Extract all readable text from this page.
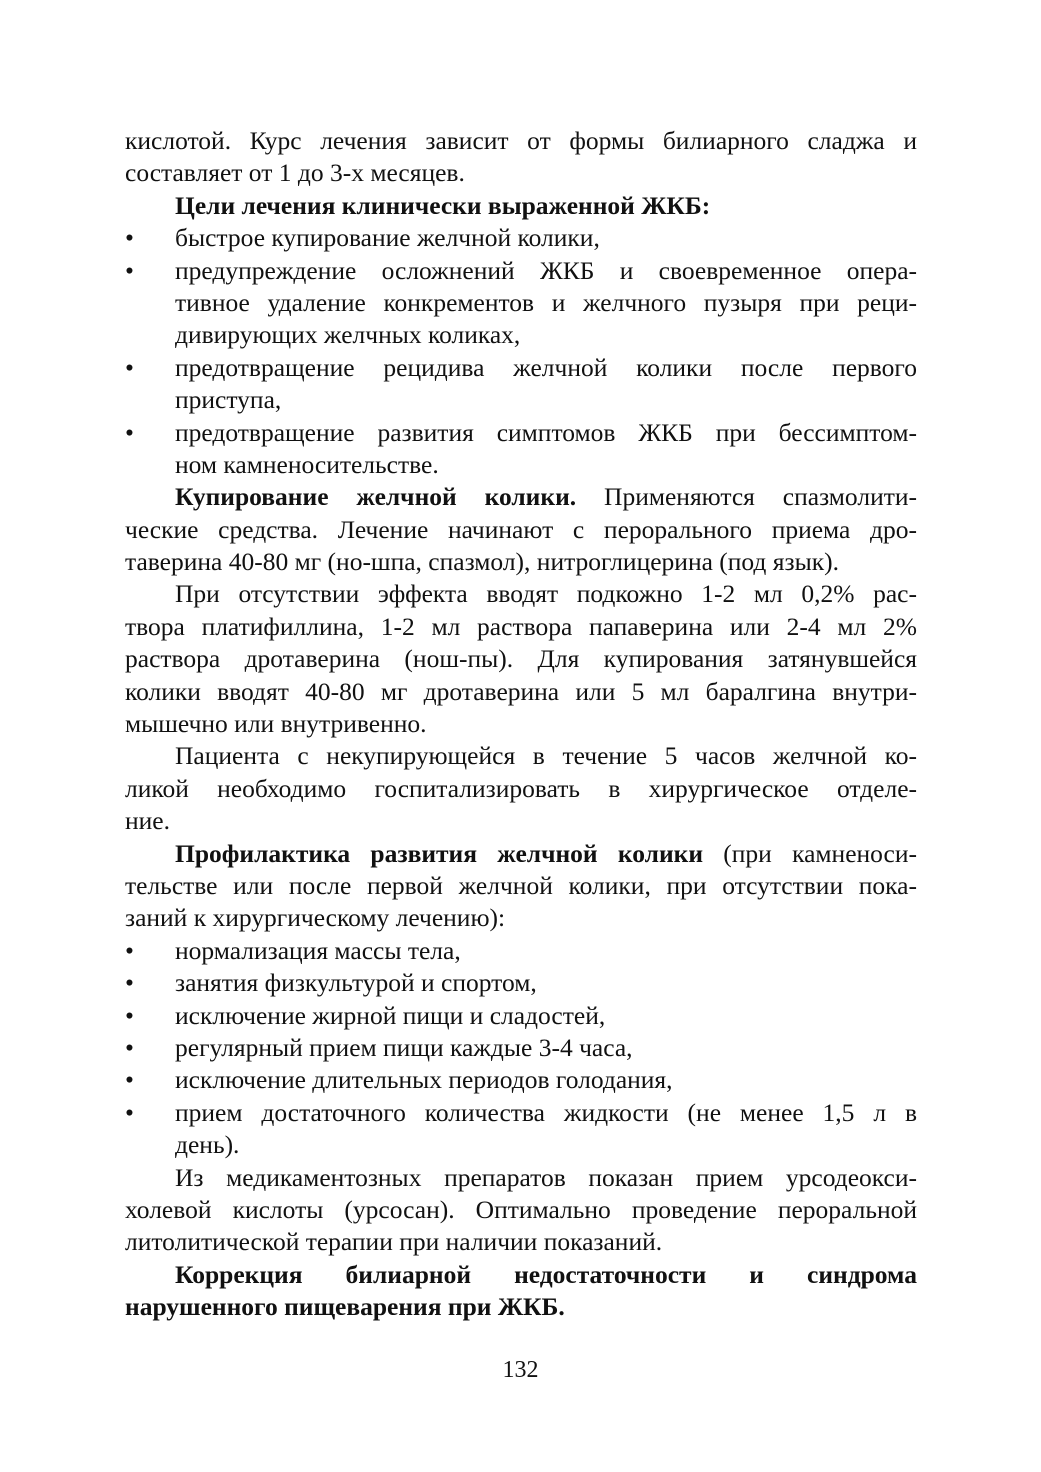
кислотой. Курс лечения зависит от формы билиарного сладжа и
составляет от 1 до 3-х месяцев.
Цели лечения клинически выраженной ЖКБ:
• быстрое купирование желчной колики,
• предупреждение осложнений ЖКБ и своевременное опера-
тивное удаление конкрементов и желчного пузыря при реци-
дивирующих желчных коликах,
• предотвращение рецидива желчной колики после первого
приступа,
• предотвращение развития симптомов ЖКБ при бессимптом-
ном камненосительстве.
Купирование желчной колики. Применяются спазмолити-
ческие средства. Лечение начинают с перорального приема дро-
таверина 40-80 мг (но-шпа, спазмол), нитроглицерина (под язык).
При отсутствии эффекта вводят подкожно 1-2 мл 0,2% рас-
твора платифиллина, 1-2 мл раствора папаверина или 2-4 мл 2%
раствора дротаверина (нош-пы). Для купирования затянувшейся
колики вводят 40-80 мг дротаверина или 5 мл баралгина внутри-
мышечно или внутривенно.
Пациента с некупирующейся в течение 5 часов желчной ко-
ликой необходимо госпитализировать в хирургическое отделе-
ние.
Профилактика развития желчной колики (при камненоси-
тельстве или после первой желчной колики, при отсутствии пока-
заний к хирургическому лечению):
• нормализация массы тела,
• занятия физкультурой и спортом,
• исключение жирной пищи и сладостей,
• регулярный прием пищи каждые 3-4 часа,
• исключение длительных периодов голодания,
• прием достаточного количества жидкости (не менее 1,5 л в
день).
Из медикаментозных препаратов показан прием урсодеокси-
холевой кислоты (урсосан). Оптимально проведение пероральной
литолитической терапии при наличии показаний.
Коррекция билиарной недостаточности и синдрома
нарушенного пищеварения при ЖКБ.
132
